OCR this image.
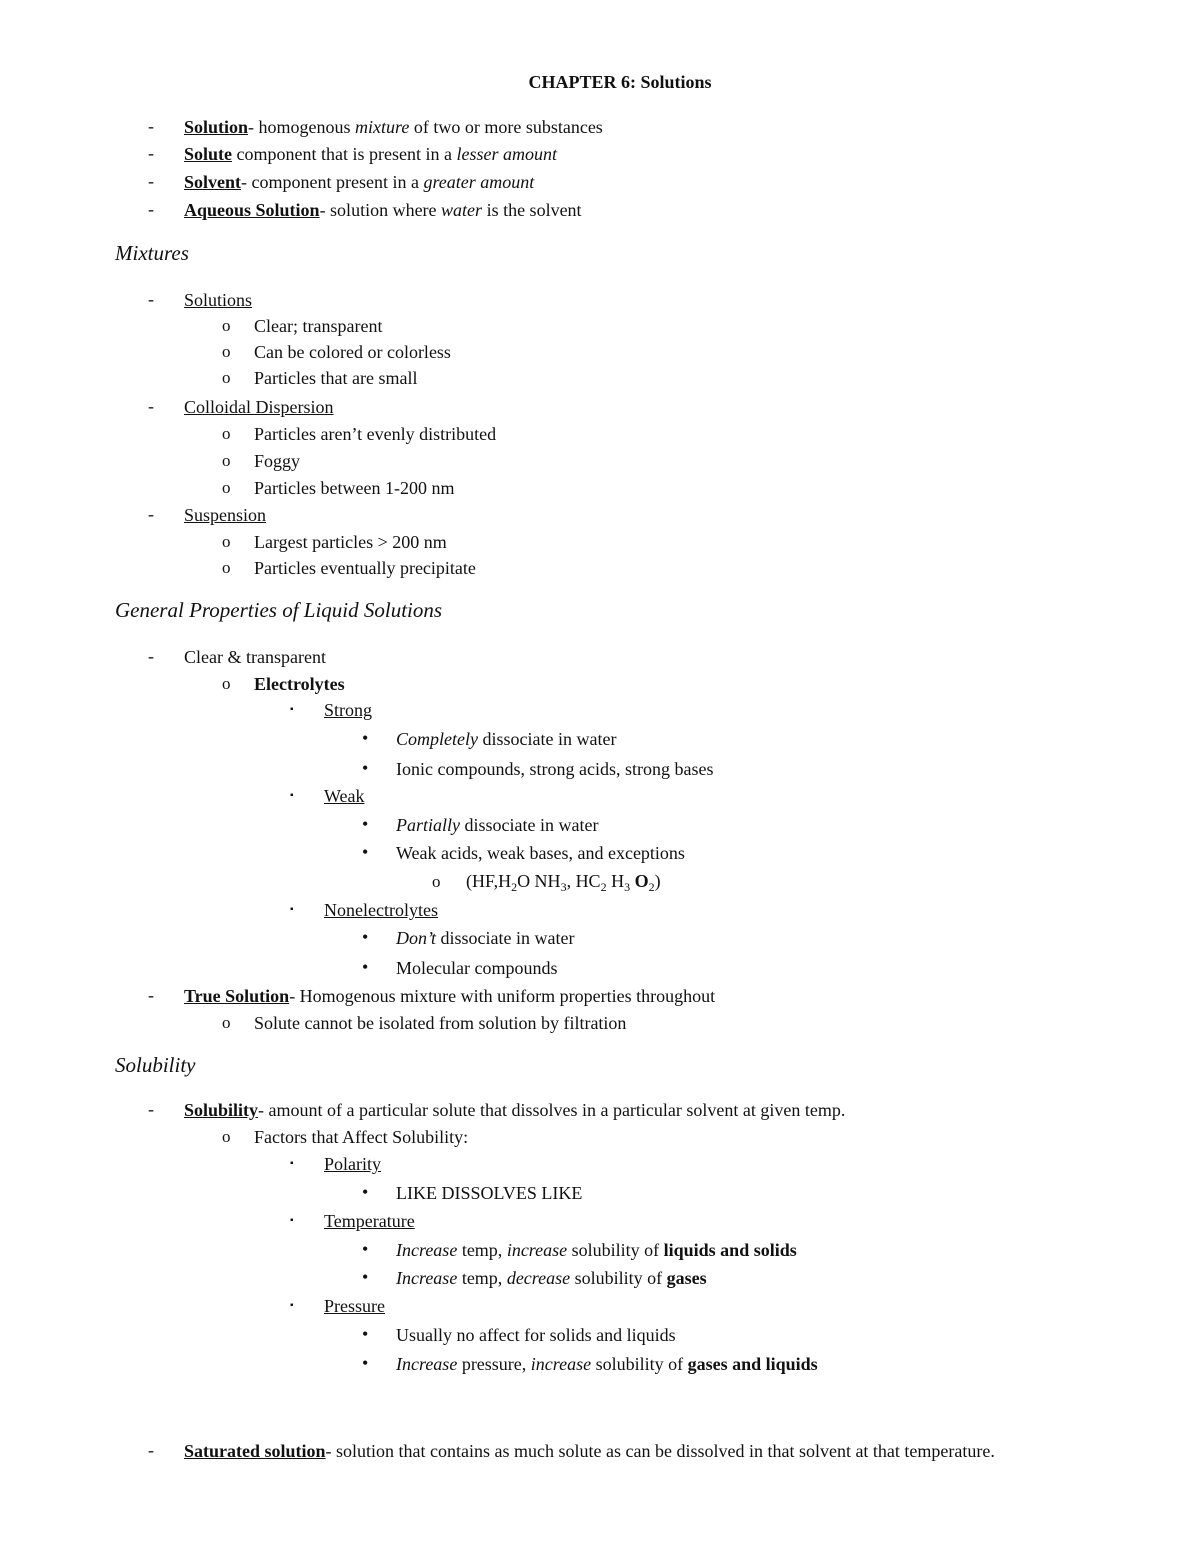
CHAPTER 6: Solutions
- Solution- homogenous mixture of two or more substances
- Solute component that is present in a lesser amount
- Solvent- component present in a greater amount
- Aqueous Solution- solution where water is the solvent
Mixtures
- Solutions
o Clear; transparent
o Can be colored or colorless
o Particles that are small
- Colloidal Dispersion
o Particles aren’t evenly distributed
o Foggy
o Particles between 1-200 nm
- Suspension
o Largest particles > 200 nm
o Particles eventually precipitate
General Properties of Liquid Solutions
- Clear & transparent
o Electrolytes
▪ Strong
• Completely dissociate in water
• Ionic compounds, strong acids, strong bases
▪ Weak
• Partially dissociate in water
• Weak acids, weak bases, and exceptions
o ($HF,H_2O$ $NH_3$, $HC_2$ $H_3$ $O_2$)
▪ Nonelectrolytes
• Don’t dissociate in water
• Molecular compounds
- True Solution- Homogenous mixture with uniform properties throughout
o Solute cannot be isolated from solution by filtration
Solubility
- Solubility- amount of a particular solute that dissolves in a particular solvent at given temp.
o Factors that Affect Solubility:
▪ Polarity
• LIKE DISSOLVES LIKE
▪ Temperature
• Increase temp, increase solubility of liquids and solids
• Increase temp, decrease solubility of gases
▪ Pressure
• Usually no affect for solids and liquids
• Increase pressure, increase solubility of gases and liquids
- Saturated solution- solution that contains as much solute as can be dissolved in that solvent at that temperature.
